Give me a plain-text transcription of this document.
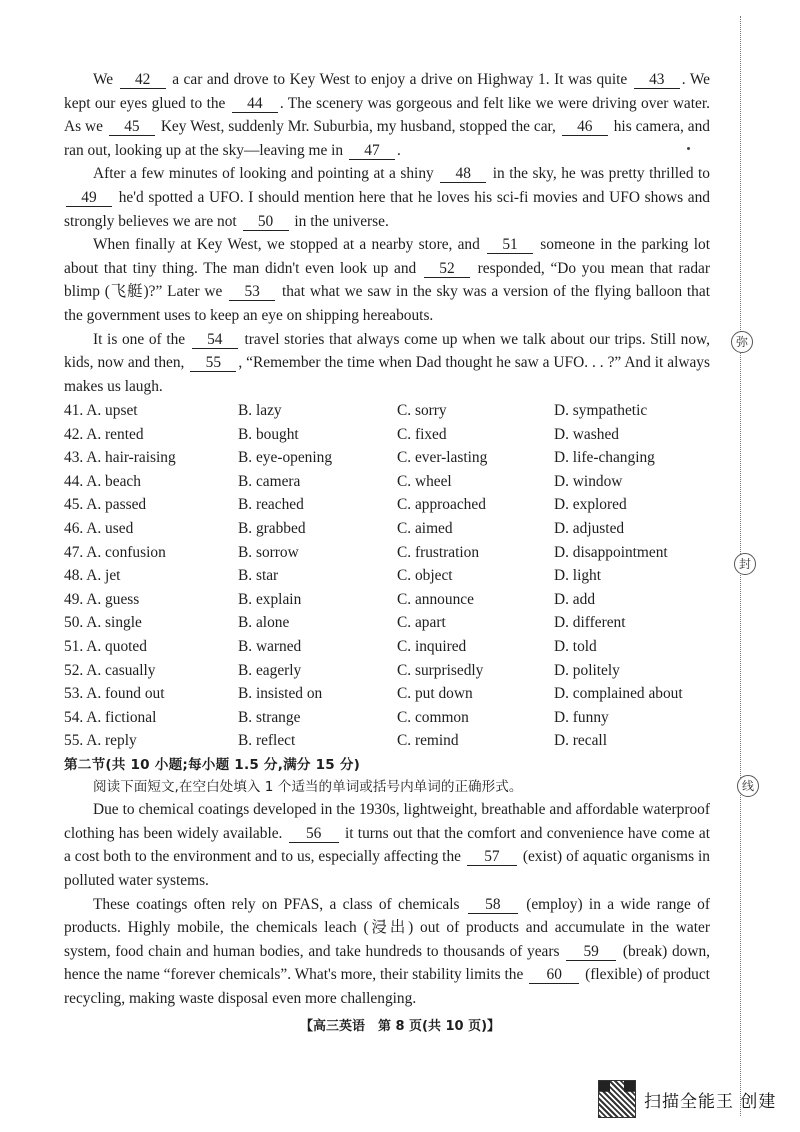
弥
封
线

We 42 a car and drove to Key West to enjoy a drive on Highway 1. It was quite 43 . We kept our eyes glued to the 44 . The scenery was gorgeous and felt like we were driving over water. As we 45 Key West, suddenly Mr. Suburbia, my husband, stopped the car, 46 his camera, and ran out, looking up at the sky—leaving me in 47 .

After a few minutes of looking and pointing at a shiny 48 in the sky, he was pretty thrilled to 49 he'd spotted a UFO. I should mention here that he loves his sci-fi movies and UFO shows and strongly believes we are not 50 in the universe.

When finally at Key West, we stopped at a nearby store, and 51 someone in the parking lot about that tiny thing. The man didn't even look up and 52 responded, “Do you mean that radar blimp (飞艇)?” Later we 53 that what we saw in the sky was a version of the flying balloon that the government uses to keep an eye on shipping hereabouts.

It is one of the 54 travel stories that always come up when we talk about our trips. Still now, kids, now and then, 55 , “Remember the time when Dad thought he saw a UFO. . . ?” And it always makes us laugh.

41. A. upset	B. lazy	C. sorry	D. sympathetic
42. A. rented	B. bought	C. fixed	D. washed
43. A. hair-raising	B. eye-opening	C. ever-lasting	D. life-changing
44. A. beach	B. camera	C. wheel	D. window
45. A. passed	B. reached	C. approached	D. explored
46. A. used	B. grabbed	C. aimed	D. adjusted
47. A. confusion	B. sorrow	C. frustration	D. disappointment
48. A. jet	B. star	C. object	D. light
49. A. guess	B. explain	C. announce	D. add
50. A. single	B. alone	C. apart	D. different
51. A. quoted	B. warned	C. inquired	D. told
52. A. casually	B. eagerly	C. surprisedly	D. politely
53. A. found out	B. insisted on	C. put down	D. complained about
54. A. fictional	B. strange	C. common	D. funny
55. A. reply	B. reflect	C. remind	D. recall
第二节(共 10 小题;每小题 1.5 分,满分 15 分)
阅读下面短文,在空白处填入 1 个适当的单词或括号内单词的正确形式。

Due to chemical coatings developed in the 1930s, lightweight, breathable and affordable waterproof clothing has been widely available. 56 it turns out that the comfort and convenience have come at a cost both to the environment and to us, especially affecting the 57 (exist) of aquatic organisms in polluted water systems.

These coatings often rely on PFAS, a class of chemicals 58 (employ) in a wide range of products. Highly mobile, the chemicals leach (浸出) out of products and accumulate in the water system, food chain and human bodies, and take hundreds to thousands of years 59 (break) down, hence the name “forever chemicals”. What's more, their stability limits the 60 (flexible) of product recycling, making waste disposal even more challenging.

【高三英语　第 8 页(共 10 页)】
扫描全能王 创建
